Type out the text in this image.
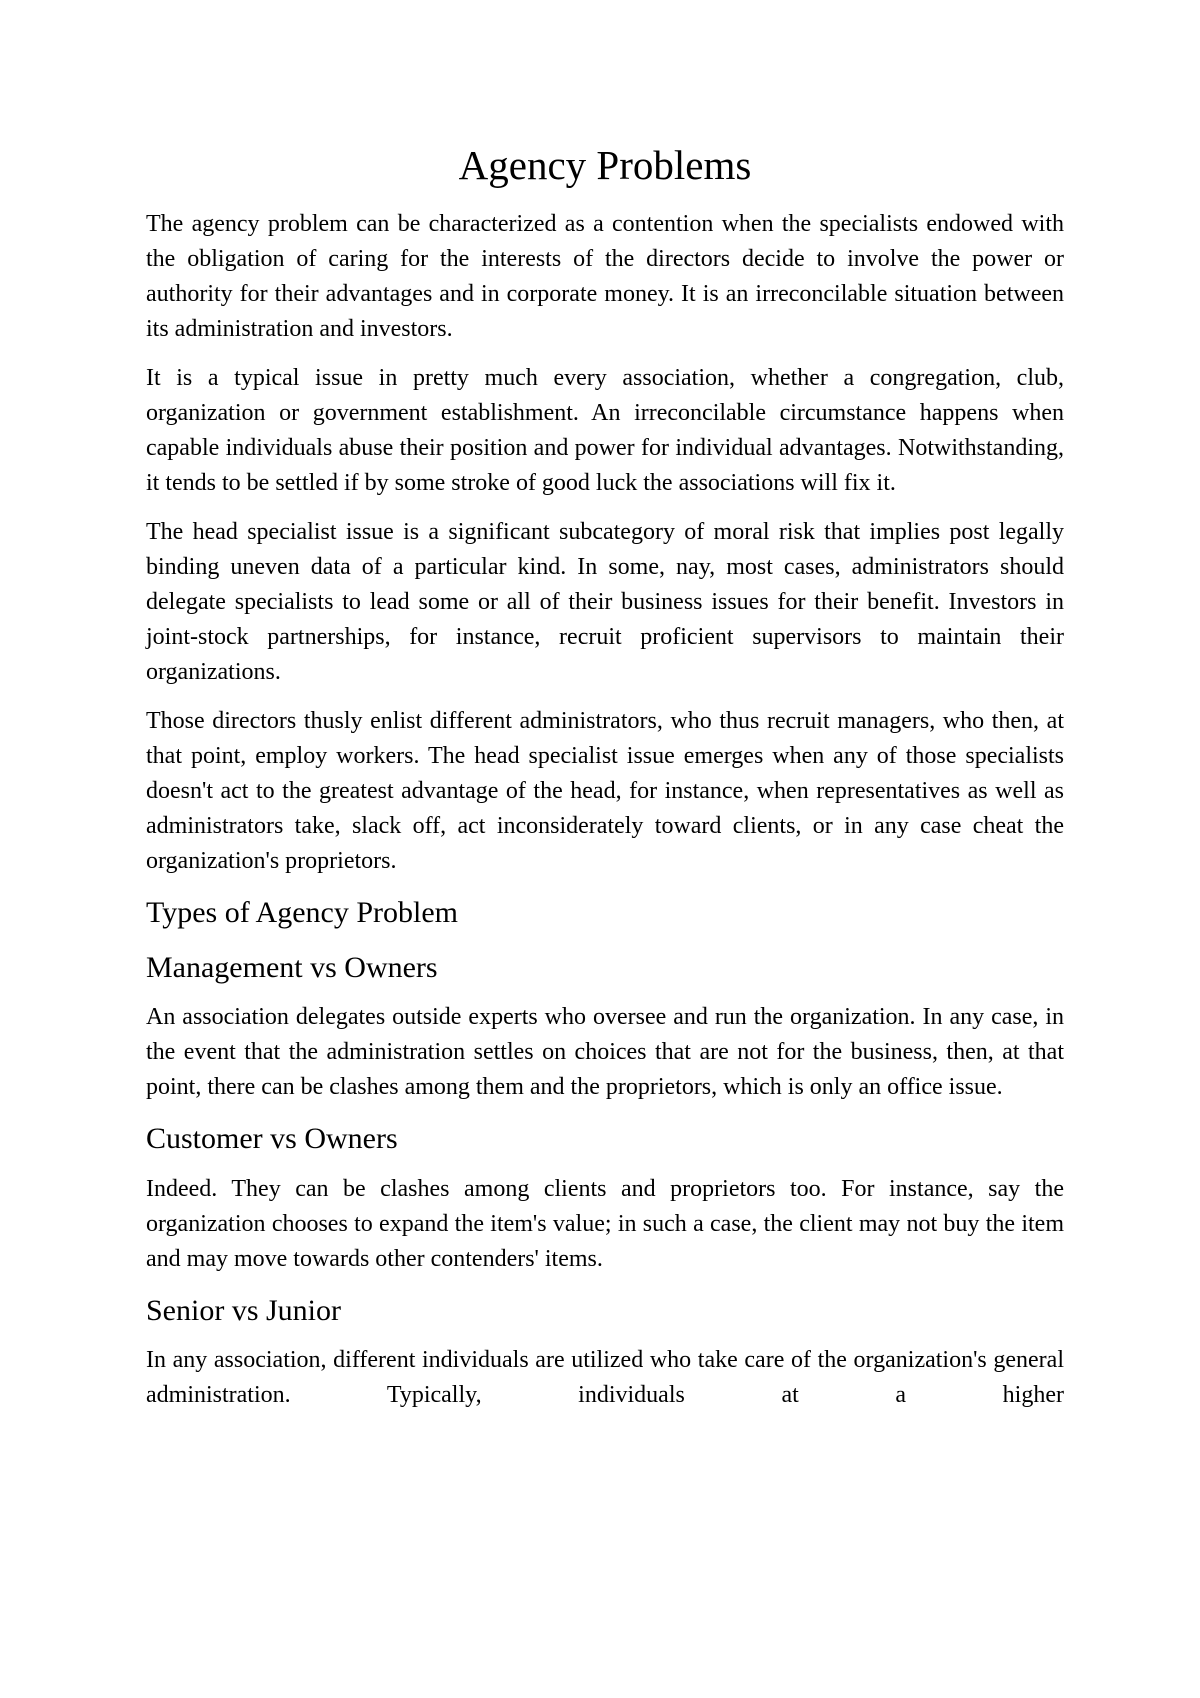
Agency Problems

The agency problem can be characterized as a contention when the specialists endowed with the obligation of caring for the interests of the directors decide to involve the power or authority for their advantages and in corporate money. It is an irreconcilable situation between its administration and investors.

It is a typical issue in pretty much every association, whether a congregation, club, organization or government establishment. An irreconcilable circumstance happens when capable individuals abuse their position and power for individual advantages. Notwithstanding, it tends to be settled if by some stroke of good luck the associations will fix it.

The head specialist issue is a significant subcategory of moral risk that implies post legally binding uneven data of a particular kind. In some, nay, most cases, administrators should delegate specialists to lead some or all of their business issues for their benefit. Investors in joint-stock partnerships, for instance, recruit proficient supervisors to maintain their organizations.

Those directors thusly enlist different administrators, who thus recruit managers, who then, at that point, employ workers. The head specialist issue emerges when any of those specialists doesn't act to the greatest advantage of the head, for instance, when representatives as well as administrators take, slack off, act inconsiderately toward clients, or in any case cheat the organization's proprietors.

Types of Agency Problem
Management vs Owners

An association delegates outside experts who oversee and run the organization. In any case, in the event that the administration settles on choices that are not for the business, then, at that point, there can be clashes among them and the proprietors, which is only an office issue.

Customer vs Owners

Indeed. They can be clashes among clients and proprietors too. For instance, say the organization chooses to expand the item's value; in such a case, the client may not buy the item and may move towards other contenders' items.

Senior vs Junior

In any association, different individuals are utilized who take care of the organization's general administration. Typically, individuals at a higher
